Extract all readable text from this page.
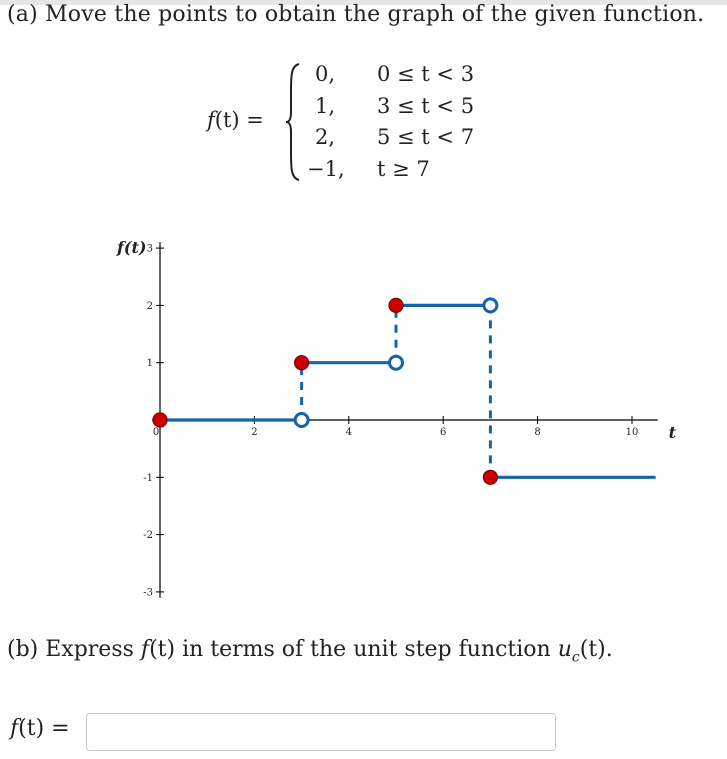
(a) Move the points to obtain the graph of the given function.
f(t) =
0, 0 ≤ t < 3
1, 3 ≤ t < 5
2, 5 ≤ t < 7
−1, t ≥ 7
f(t)
t
0	2	4	6	8	10
3
2
1
-1
-2
-3
(b) Express f(t) in terms of the unit step function $u_c(t)$.
f(t) =
